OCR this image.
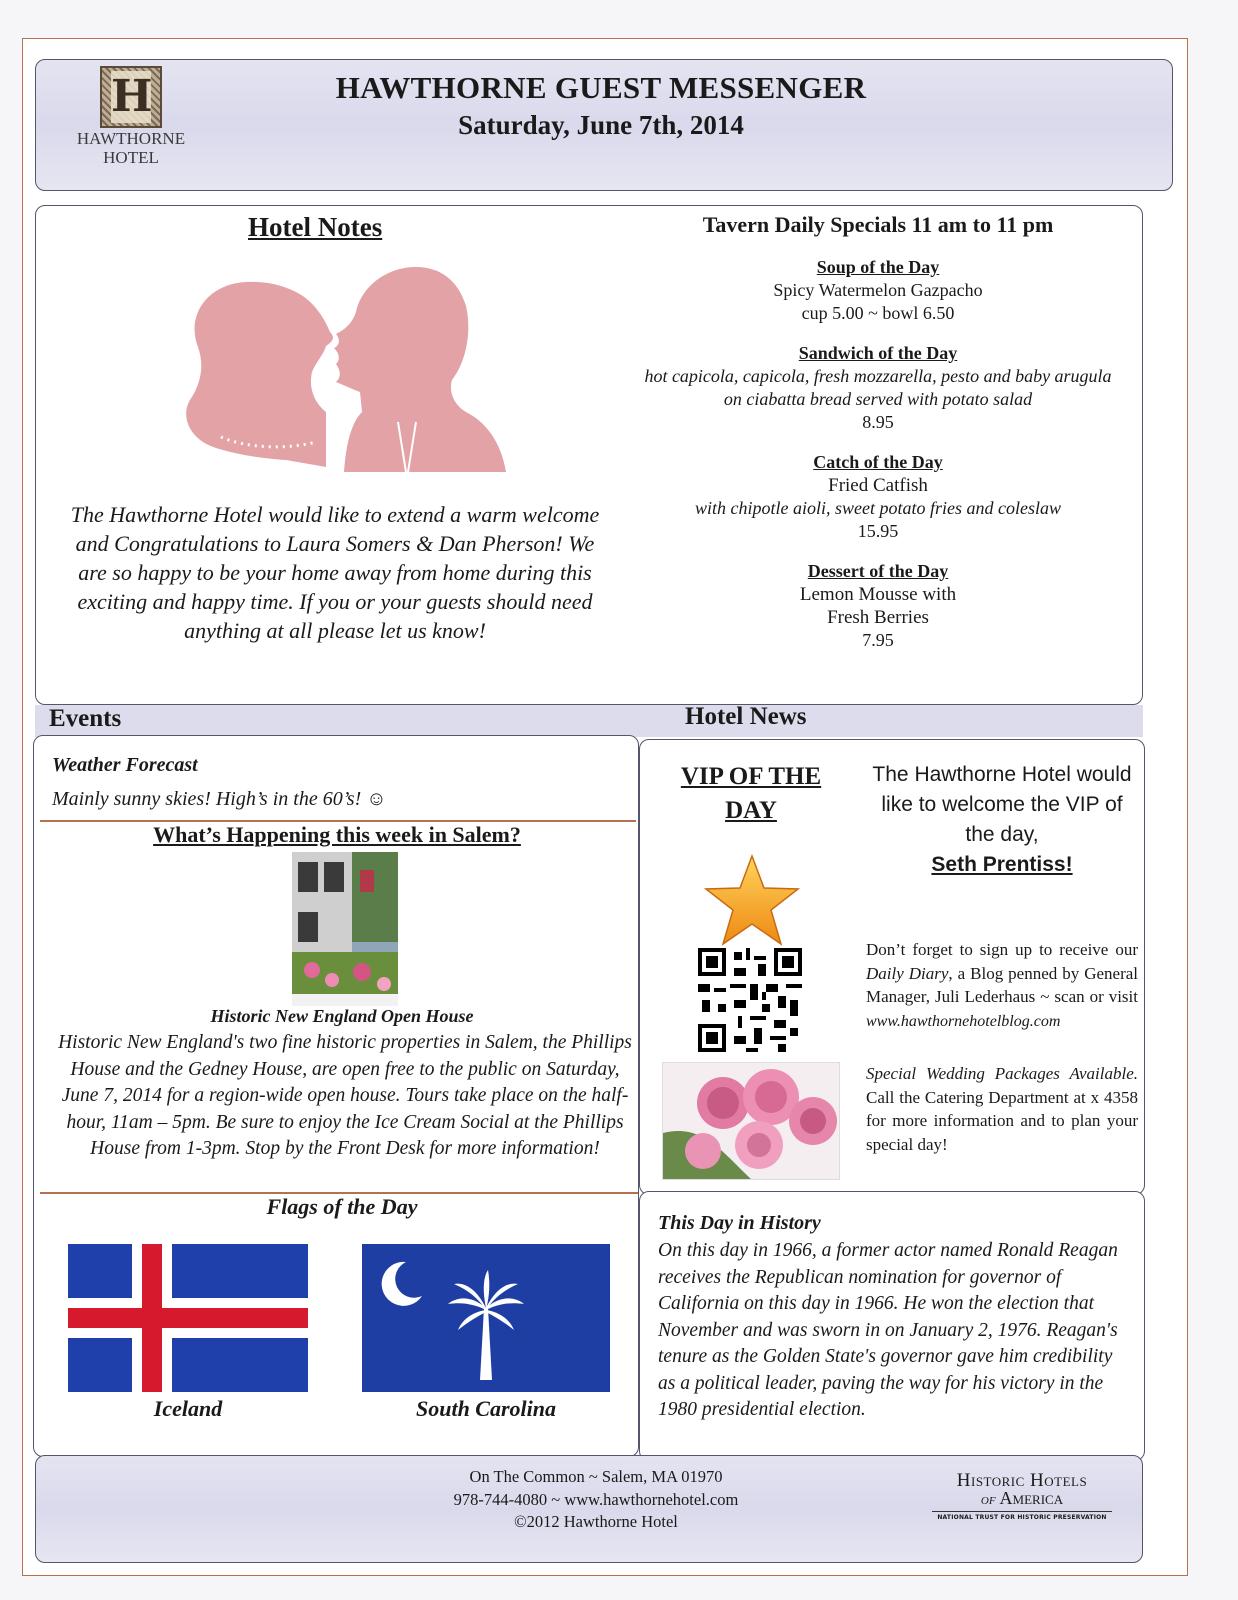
H
HAWTHORNE
HOTEL
HAWTHORNE GUEST MESSENGER
Saturday, June 7th, 2014
Hotel Notes
The Hawthorne Hotel would like to extend a warm welcome and Congratulations to Laura Somers & Dan Pherson! We are so happy to be your home away from home during this exciting and happy time. If you or your guests should need anything at all please let us know!
Tavern Daily Specials 11 am to 11 pm
Soup of the Day
Spicy Watermelon Gazpacho
cup 5.00 ~ bowl 6.50
Sandwich of the Day
hot capicola, capicola, fresh mozzarella, pesto and baby arugula
on ciabatta bread served with potato salad
8.95
Catch of the Day
Fried Catfish
with chipotle aioli, sweet potato fries and coleslaw
15.95
Dessert of the Day
Lemon Mousse with
Fresh Berries
7.95
Events	Hotel News
Weather Forecast
Mainly sunny skies! High’s in the 60’s! ☺
What’s Happening this week in Salem?
Historic New England Open House
Historic New England's two fine historic properties in Salem, the Phillips House and the Gedney House, are open free to the public on Saturday, June 7, 2014 for a region-wide open house. Tours take place on the half-hour, 11am – 5pm. Be sure to enjoy the Ice Cream Social at the Phillips House from 1-3pm. Stop by the Front Desk for more information!
Flags of the Day
Iceland	South Carolina
VIP OF THE DAY
The Hawthorne Hotel would like to welcome the VIP of the day,
Seth Prentiss!
Don’t forget to sign up to receive our Daily Diary, a Blog penned by General Manager, Juli Lederhaus ~ scan or visit www.hawthornehotelblog.com
Special Wedding Packages Available. Call the Catering Department at x 4358 for more information and to plan your special day!
This Day in History
On this day in 1966, a former actor named Ronald Reagan receives the Republican nomination for governor of California on this day in 1966. He won the election that November and was sworn in on January 2, 1976. Reagan's tenure as the Golden State's governor gave him credibility as a political leader, paving the way for his victory in the 1980 presidential election.
On The Common ~ Salem, MA 01970
978-744-4080 ~ www.hawthornehotel.com
©2012 Hawthorne Hotel
Historic Hotels
of America
NATIONAL TRUST FOR HISTORIC PRESERVATION
